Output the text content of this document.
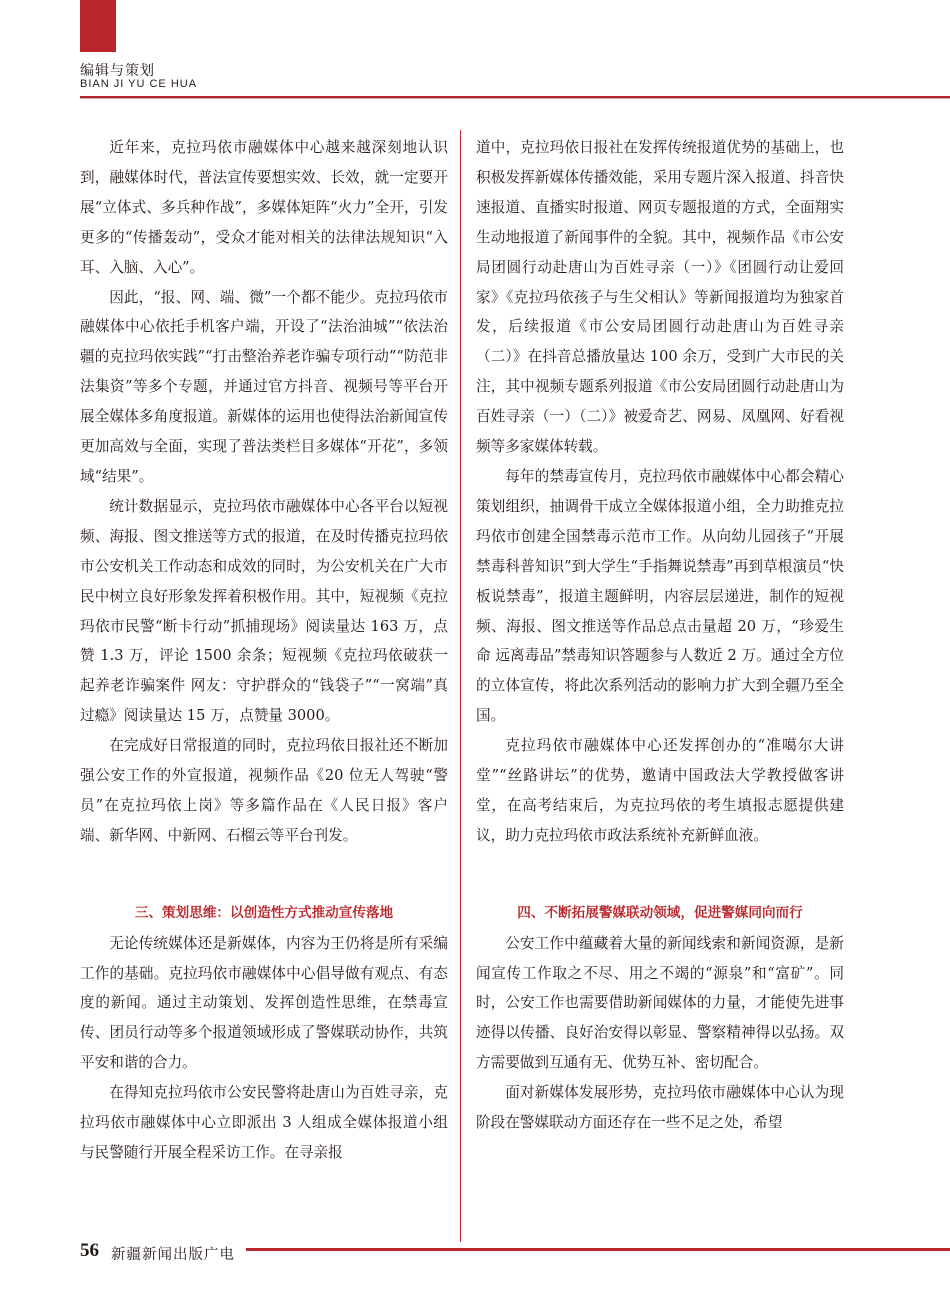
编辑与策划
BIAN JI YU CE HUA

近年来，克拉玛依市融媒体中心越来越深刻地认识到，融媒体时代，普法宣传要想实效、长效，就一定要开展“立体式、多兵种作战”，多媒体矩阵“火力”全开，引发更多的“传播轰动”，受众才能对相关的法律法规知识“入耳、入脑、入心”。

因此，“报、网、端、微”一个都不能少。克拉玛依市融媒体中心依托手机客户端，开设了“法治油城”“依法治疆的克拉玛依实践”“打击整治养老诈骗专项行动”“防范非法集资”等多个专题，并通过官方抖音、视频号等平台开展全媒体多角度报道。新媒体的运用也使得法治新闻宣传更加高效与全面，实现了普法类栏目多媒体“开花”，多领域“结果”。

统计数据显示，克拉玛依市融媒体中心各平台以短视频、海报、图文推送等方式的报道，在及时传播克拉玛依市公安机关工作动态和成效的同时，为公安机关在广大市民中树立良好形象发挥着积极作用。其中，短视频《克拉玛依市民警“断卡行动”抓捕现场》阅读量达 163 万，点赞 1.3 万，评论 1500 余条；短视频《克拉玛依破获一起养老诈骗案件 网友：守护群众的“钱袋子”“一窝端”真过瘾》阅读量达 15 万，点赞量 3000。

在完成好日常报道的同时，克拉玛依日报社还不断加强公安工作的外宣报道，视频作品《20 位无人驾驶“警员”在克拉玛依上岗》等多篇作品在《人民日报》客户端、新华网、中新网、石榴云等平台刊发。

三、策划思维：以创造性方式推动宣传落地

无论传统媒体还是新媒体，内容为王仍将是所有采编工作的基础。克拉玛依市融媒体中心倡导做有观点、有态度的新闻。通过主动策划、发挥创造性思维，在禁毒宣传、团员行动等多个报道领域形成了警媒联动协作，共筑平安和谐的合力。

在得知克拉玛依市公安民警将赴唐山为百姓寻亲，克拉玛依市融媒体中心立即派出 3 人组成全媒体报道小组与民警随行开展全程采访工作。在寻亲报

道中，克拉玛依日报社在发挥传统报道优势的基础上，也积极发挥新媒体传播效能，采用专题片深入报道、抖音快速报道、直播实时报道、网页专题报道的方式，全面翔实生动地报道了新闻事件的全貌。其中，视频作品《市公安局团圆行动赴唐山为百姓寻亲（一）》《团圆行动让爱回家》《克拉玛依孩子与生父相认》等新闻报道均为独家首发，后续报道《市公安局团圆行动赴唐山为百姓寻亲（二）》在抖音总播放量达 100 余万，受到广大市民的关注，其中视频专题系列报道《市公安局团圆行动赴唐山为百姓寻亲（一）（二）》被爱奇艺、网易、凤凰网、好看视频等多家媒体转载。

每年的禁毒宣传月，克拉玛依市融媒体中心都会精心策划组织，抽调骨干成立全媒体报道小组，全力助推克拉玛依市创建全国禁毒示范市工作。从向幼儿园孩子“开展禁毒科普知识”到大学生“手指舞说禁毒”再到草根演员“快板说禁毒”，报道主题鲜明，内容层层递进，制作的短视频、海报、图文推送等作品总点击量超 20 万，“珍爱生命 远离毒品”禁毒知识答题参与人数近 2 万。通过全方位的立体宣传，将此次系列活动的影响力扩大到全疆乃至全国。

克拉玛依市融媒体中心还发挥创办的“准噶尔大讲堂”“丝路讲坛”的优势，邀请中国政法大学教授做客讲堂，在高考结束后，为克拉玛依的考生填报志愿提供建议，助力克拉玛依市政法系统补充新鲜血液。

四、不断拓展警媒联动领域，促进警媒同向而行

公安工作中蕴藏着大量的新闻线索和新闻资源，是新闻宣传工作取之不尽、用之不竭的“源泉”和“富矿”。同时，公安工作也需要借助新闻媒体的力量，才能使先进事迹得以传播、良好治安得以彰显、警察精神得以弘扬。双方需要做到互通有无、优势互补、密切配合。

面对新媒体发展形势，克拉玛依市融媒体中心认为现阶段在警媒联动方面还存在一些不足之处，希望

56 新疆新闻出版广电
